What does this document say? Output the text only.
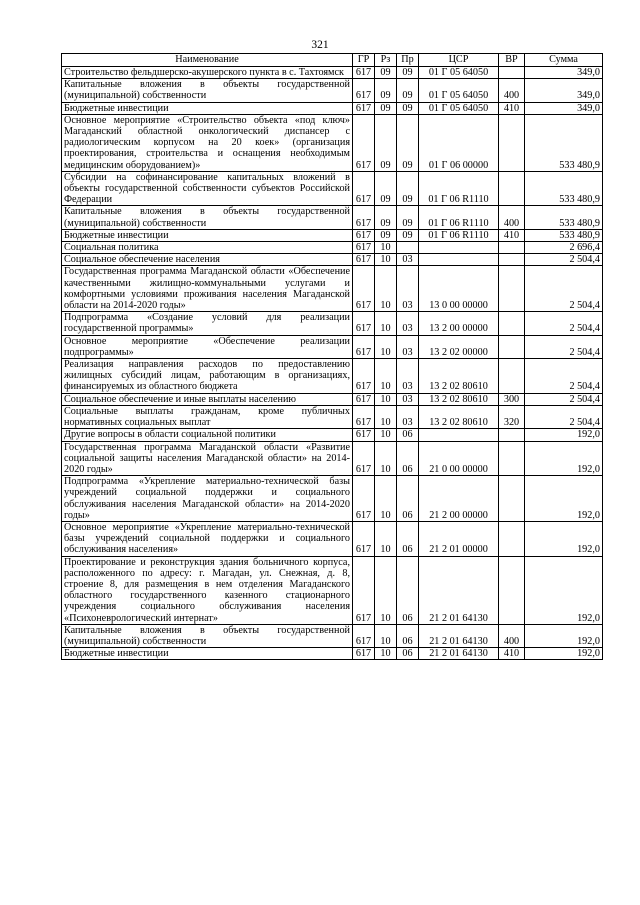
321
Наименование	ГР	Рз	Пр	ЦСР	ВР	Сумма
Строительство фельдшерско-акушерского пункта в с. Тахтоямск	617	09	09	01 Г 05 64050		349,0
Капитальные вложения в объекты государственной (муниципальной) собственности	617	09	09	01 Г 05 64050	400	349,0
Бюджетные инвестиции	617	09	09	01 Г 05 64050	410	349,0
Основное мероприятие «Строительство объекта «под ключ» Магаданский областной онкологический диспансер с радиологическим корпусом на 20 коек» (организация проектирования, строительства и оснащения необходимым медицинским оборудованием)»	617	09	09	01 Г 06 00000		533 480,9
Субсидии на софинансирование капитальных вложений в объекты государственной собственности субъектов Российской Федерации	617	09	09	01 Г 06 R1110		533 480,9
Капитальные вложения в объекты государственной (муниципальной) собственности	617	09	09	01 Г 06 R1110	400	533 480,9
Бюджетные инвестиции	617	09	09	01 Г 06 R1110	410	533 480,9
Социальная политика	617	10				2 696,4
Социальное обеспечение населения	617	10	03			2 504,4
Государственная программа Магаданской области «Обеспечение качественными жилищно-коммунальными услугами и комфортными условиями проживания населения Магаданской области на 2014-2020 годы»	617	10	03	13 0 00 00000		2 504,4
Подпрограмма «Создание условий для реализации государственной программы»	617	10	03	13 2 00 00000		2 504,4
Основное мероприятие «Обеспечение реализации подпрограммы»	617	10	03	13 2 02 00000		2 504,4
Реализация направления расходов по предоставлению жилищных субсидий лицам, работающим в организациях, финансируемых из областного бюджета	617	10	03	13 2 02 80610		2 504,4
Социальное обеспечение и иные выплаты населению	617	10	03	13 2 02 80610	300	2 504,4
Социальные выплаты гражданам, кроме публичных нормативных социальных выплат	617	10	03	13 2 02 80610	320	2 504,4
Другие вопросы в области социальной политики	617	10	06			192,0
Государственная программа Магаданской области «Развитие социальной защиты населения Магаданской области» на 2014-2020 годы»	617	10	06	21 0 00 00000		192,0
Подпрограмма «Укрепление материально-технической базы учреждений социальной поддержки и социального обслуживания населения Магаданской области» на 2014-2020 годы»	617	10	06	21 2 00 00000		192,0
Основное мероприятие «Укрепление материально-технической базы учреждений социальной поддержки и социального обслуживания населения»	617	10	06	21 2 01 00000		192,0
Проектирование и реконструкция здания больничного корпуса, расположенного по адресу: г. Магадан, ул. Снежная, д. 8, строение 8, для размещения в нем отделения Магаданского областного государственного казенного стационарного учреждения социального обслуживания населения «Психоневрологический интернат»	617	10	06	21 2 01 64130		192,0
Капитальные вложения в объекты государственной (муниципальной) собственности	617	10	06	21 2 01 64130	400	192,0
Бюджетные инвестиции	617	10	06	21 2 01 64130	410	192,0
